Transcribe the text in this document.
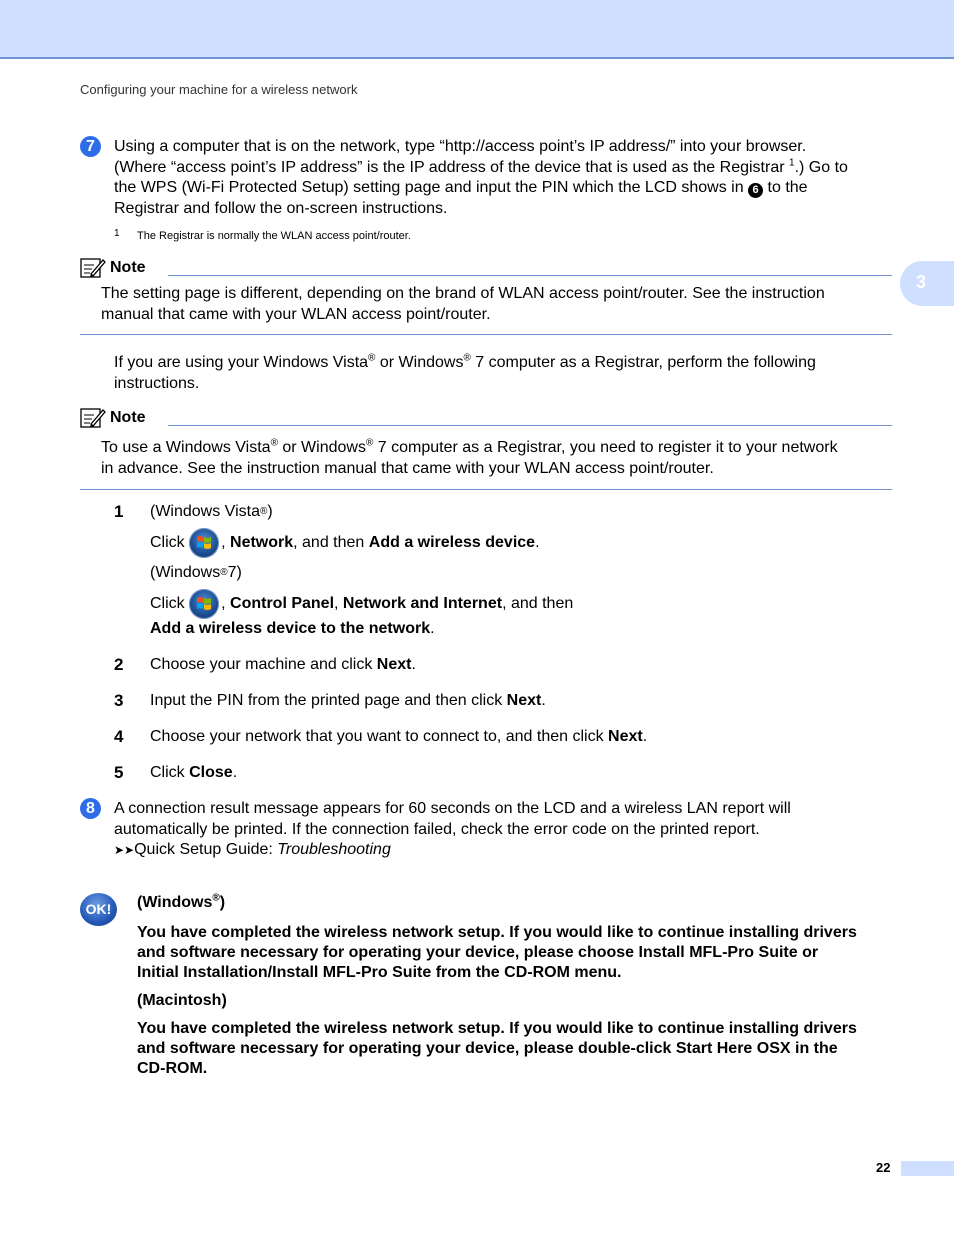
Configuring your machine for a wireless network
3
7	Using a computer that is on the network, type “http://access point’s IP address/” into your browser.

(Where “access point’s IP address” is the IP address of the device that is used as the Registrar $^1$.) Go to

the WPS (Wi-Fi Protected Setup) setting page and input the PIN which the LCD shows in 6 to the

Registrar and follow the on-screen instructions.

1 The Registrar is normally the WLAN access point/router.
Note
The setting page is different, depending on the brand of WLAN access point/router. See the instruction
manual that came with your WLAN access point/router.

If you are using your Windows Vista® or Windows® 7 computer as a Registrar, perform the following

instructions.

Note
To use a Windows Vista® or Windows® 7 computer as a Registrar, you need to register it to your network
in advance. See the instruction manual that came with your WLAN access point/router.
1 (Windows Vista ® )
Click
, Network , and then Add a wireless device .
(Windows ® 7)
Click
, Control Panel , Network and Internet , and then
Add a wireless device to the network .
2 Choose your machine and click Next .
3 Input the PIN from the printed page and then click Next .
4 Choose your network that you want to connect to, and then click Next .
5 Click Close .
8	A connection result message appears for 60 seconds on the LCD and a wireless LAN report will

automatically be printed. If the connection failed, check the error code on the printed report.

➤➤Quick Setup Guide: Troubleshooting

OK!	(Windows®)
You have completed the wireless network setup. If you would like to continue installing drivers
and software necessary for operating your device, please choose Install MFL-Pro Suite or
Initial Installation/Install MFL-Pro Suite from the CD-ROM menu.
(Macintosh)
You have completed the wireless network setup. If you would like to continue installing drivers
and software necessary for operating your device, please double-click Start Here OSX in the
CD-ROM.
22
